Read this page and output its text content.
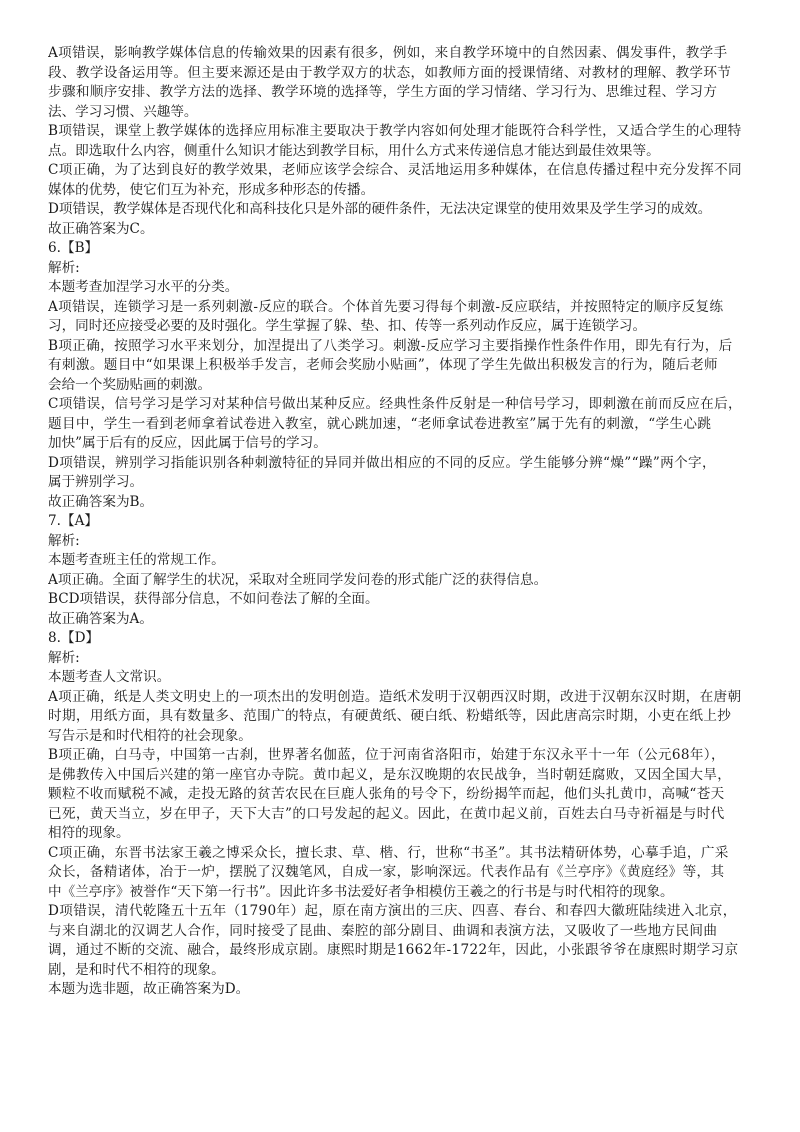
A项错误，影响教学媒体信息的传输效果的因素有很多，例如，来自教学环境中的自然因素、偶发事件，教学手
段、教学设备运用等。但主要来源还是由于教学双方的状态，如教师方面的授课情绪、对教材的理解、教学环节
步骤和顺序安排、教学方法的选择、教学环境的选择等，学生方面的学习情绪、学习行为、思维过程、学习方
法、学习习惯、兴趣等。
B项错误，课堂上教学媒体的选择应用标准主要取决于教学内容如何处理才能既符合科学性，又适合学生的心理特
点。即选取什么内容，侧重什么知识才能达到教学目标，用什么方式来传递信息才能达到最佳效果等。
C项正确，为了达到良好的教学效果，老师应该学会综合、灵活地运用多种媒体，在信息传播过程中充分发挥不同
媒体的优势，使它们互为补充，形成多种形态的传播。
D项错误，教学媒体是否现代化和高科技化只是外部的硬件条件，无法决定课堂的使用效果及学生学习的成效。
故正确答案为C。
6.【B】
解析:
本题考查加涅学习水平的分类。
A项错误，连锁学习是一系列刺激-反应的联合。个体首先要习得每个刺激-反应联结，并按照特定的顺序反复练
习，同时还应接受必要的及时强化。学生掌握了躲、垫、扣、传等一系列动作反应，属于连锁学习。
B项正确，按照学习水平来划分，加涅提出了八类学习。刺激-反应学习主要指操作性条件作用，即先有行为，后
有刺激。题目中“如果课上积极举手发言，老师会奖励小贴画”，体现了学生先做出积极发言的行为，随后老师
会给一个奖励贴画的刺激。
C项错误，信号学习是学习对某种信号做出某种反应。经典性条件反射是一种信号学习，即刺激在前而反应在后，
题目中，学生一看到老师拿着试卷进入教室，就心跳加速，“老师拿试卷进教室”属于先有的刺激，“学生心跳
加快”属于后有的反应，因此属于信号的学习。
D项错误，辨别学习指能识别各种刺激特征的异同并做出相应的不同的反应。学生能够分辨“燥”“躁”两个字，
属于辨别学习。
故正确答案为B。
7.【A】
解析:
本题考查班主任的常规工作。
A项正确。全面了解学生的状况，采取对全班同学发问卷的形式能广泛的获得信息。
BCD项错误，获得部分信息，不如问卷法了解的全面。
故正确答案为A。
8.【D】
解析:
本题考查人文常识。
A项正确，纸是人类文明史上的一项杰出的发明创造。造纸术发明于汉朝西汉时期，改进于汉朝东汉时期，在唐朝
时期，用纸方面，具有数量多、范围广的特点，有硬黄纸、硬白纸、粉蜡纸等，因此唐高宗时期，小吏在纸上抄
写告示是和时代相符的社会现象。
B项正确，白马寺，中国第一古刹，世界著名伽蓝，位于河南省洛阳市，始建于东汉永平十一年（公元68年），
是佛教传入中国后兴建的第一座官办寺院。黄巾起义，是东汉晚期的农民战争，当时朝廷腐败，又因全国大旱，
颗粒不收而赋税不减，走投无路的贫苦农民在巨鹿人张角的号令下，纷纷揭竿而起，他们头扎黄巾，高喊“苍天
已死，黄天当立，岁在甲子，天下大吉”的口号发起的起义。因此，在黄巾起义前，百姓去白马寺祈福是与时代
相符的现象。
C项正确，东晋书法家王羲之博采众长，擅长隶、草、楷、行，世称“书圣”。其书法精研体势，心摹手追，广采
众长，备精诸体，冶于一炉，摆脱了汉魏笔风，自成一家，影响深远。代表作品有《兰亭序》《黄庭经》等，其
中《兰亭序》被誉作“天下第一行书”。因此许多书法爱好者争相模仿王羲之的行书是与时代相符的现象。
D项错误，清代乾隆五十五年（1790年）起，原在南方演出的三庆、四喜、春台、和春四大徽班陆续进入北京，
与来自湖北的汉调艺人合作，同时接受了昆曲、秦腔的部分剧目、曲调和表演方法，又吸收了一些地方民间曲
调，通过不断的交流、融合，最终形成京剧。康熙时期是1662年-1722年，因此，小张跟爷爷在康熙时期学习京
剧，是和时代不相符的现象。
本题为选非题，故正确答案为D。
